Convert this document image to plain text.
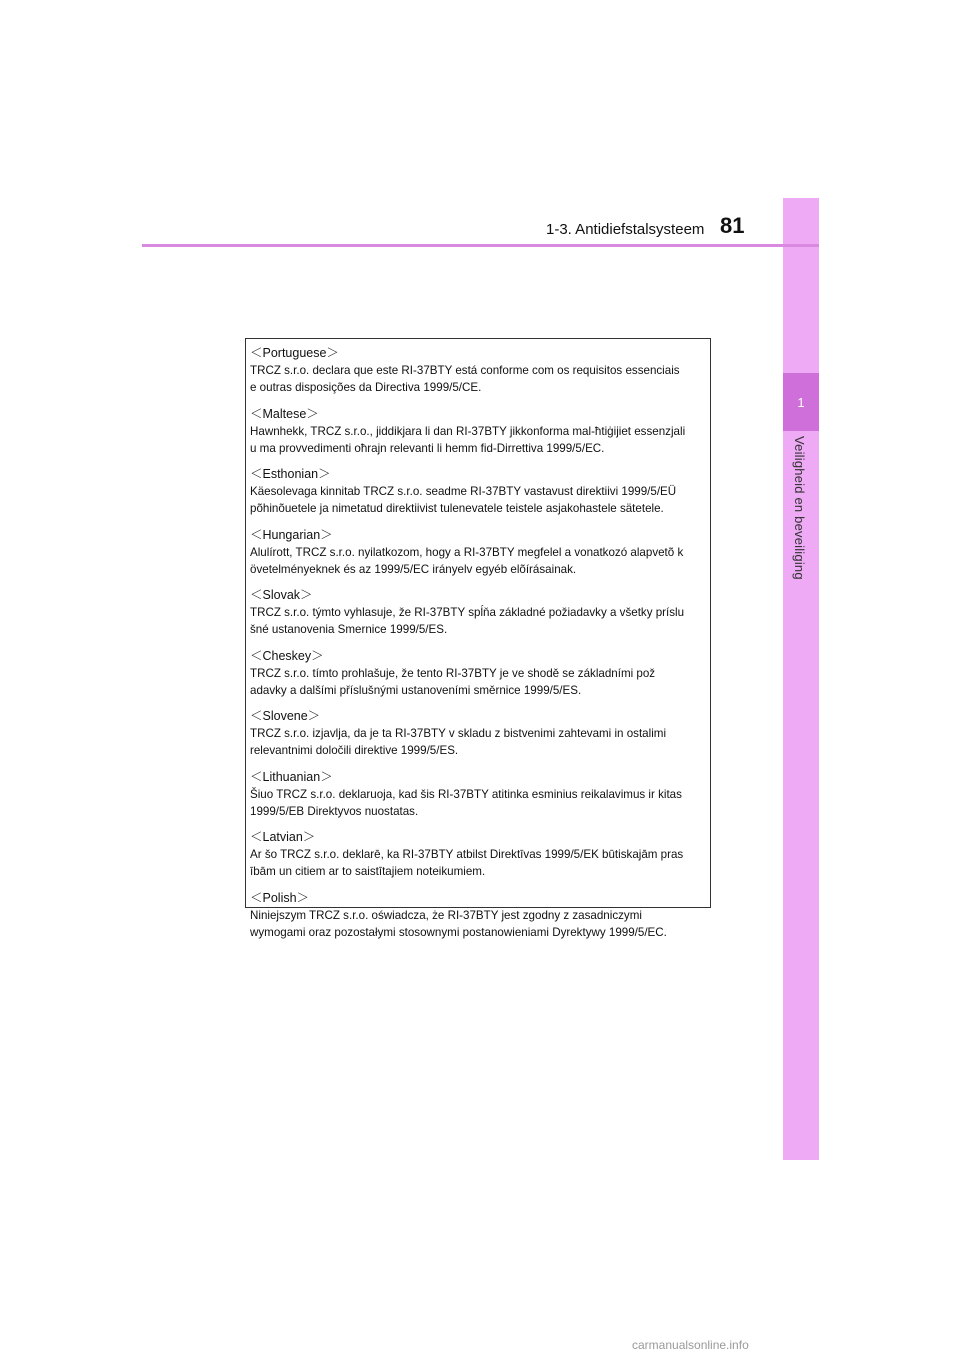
1
Veiligheid en beveiliging
1-3. Antidiefstalsysteem 81
＜Portuguese＞
TRCZ s.r.o. declara que este RI-37BTY está conforme com os requisitos essenciais
e outras disposições da Directiva 1999/5/CE.
＜Maltese＞
Hawnhekk, TRCZ s.r.o., jiddikjara li dan RI-37BTY jikkonforma mal-ħtiġijiet essenzjali
u ma provvedimenti oħrajn relevanti li hemm fid-Dirrettiva 1999/5/EC.
＜Esthonian＞
Käesolevaga kinnitab TRCZ s.r.o. seadme RI-37BTY vastavust direktiivi 1999/5/EÜ
põhinõuetele ja nimetatud direktiivist tulenevatele teistele asjakohastele sätetele.
＜Hungarian＞
Alulírott, TRCZ s.r.o. nyilatkozom, hogy a RI-37BTY megfelel a vonatkozó alapvetõ k
övetelményeknek és az 1999/5/EC irányelv egyéb elõírásainak.
＜Slovak＞
TRCZ s.r.o. týmto vyhlasuje, že RI-37BTY spĺňa základné požiadavky a všetky príslu
šné ustanovenia Smernice 1999/5/ES.
＜Cheskey＞
TRCZ s.r.o. tímto prohlašuje, že tento RI-37BTY je ve shodě se základními pož
adavky a dalšími příslušnými ustanoveními směrnice 1999/5/ES.
＜Slovene＞
TRCZ s.r.o. izjavlja, da je ta RI-37BTY v skladu z bistvenimi zahtevami in ostalimi
relevantnimi določili direktive 1999/5/ES.
＜Lithuanian＞
Šiuo TRCZ s.r.o. deklaruoja, kad šis RI-37BTY atitinka esminius reikalavimus ir kitas
1999/5/EB Direktyvos nuostatas.
＜Latvian＞
Ar šo TRCZ s.r.o. deklarē, ka RI-37BTY atbilst Direktīvas 1999/5/EK būtiskajām pras
ībām un citiem ar to saistītajiem noteikumiem.
＜Polish＞
Niniejszym TRCZ s.r.o. oświadcza, że RI-37BTY jest zgodny z zasadniczymi
wymogami oraz pozostałymi stosownymi postanowieniami Dyrektywy 1999/5/EC.
carmanualsonline.info
